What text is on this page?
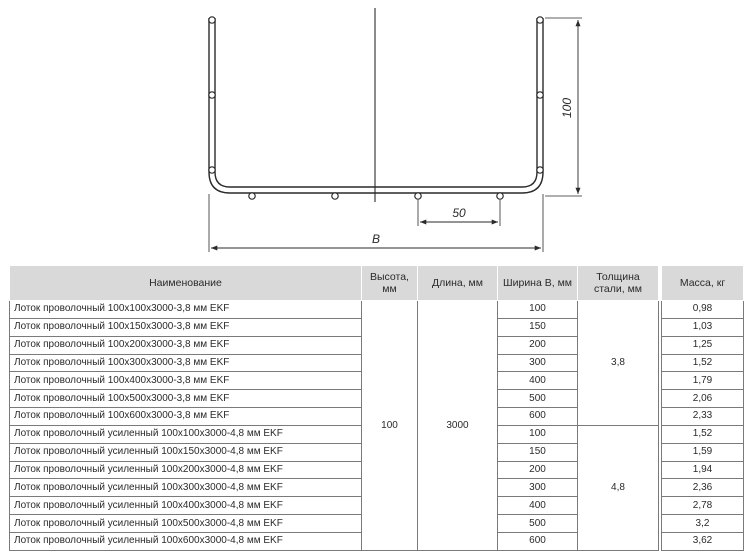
50
B
100
Наименование	Высота, мм	Длина, мм	Ширина В, мм	Толщина стали, мм		Масса, кг
Лоток проволочный 100х100х3000-3,8 мм EKF	100	3000	100	3,8		0,98
Лоток проволочный 100х150х3000-3,8 мм EKF			150			1,03
Лоток проволочный 100х200х3000-3,8 мм EKF			200			1,25
Лоток проволочный 100х300х3000-3,8 мм EKF			300			1,52
Лоток проволочный 100х400х3000-3,8 мм EKF			400			1,79
Лоток проволочный 100х500х3000-3,8 мм EKF			500			2,06
Лоток проволочный 100х600х3000-3,8 мм EKF			600			2,33
Лоток проволочный усиленный 100х100х3000-4,8 мм EKF			100	4,8		1,52
Лоток проволочный усиленный 100х150х3000-4,8 мм EKF			150			1,59
Лоток проволочный усиленный 100х200х3000-4,8 мм EKF			200			1,94
Лоток проволочный усиленный 100х300х3000-4,8 мм EKF			300			2,36
Лоток проволочный усиленный 100х400х3000-4,8 мм EKF			400			2,78
Лоток проволочный усиленный 100х500х3000-4,8 мм EKF			500			3,2
Лоток проволочный усиленный 100х600х3000-4,8 мм EKF			600			3,62
